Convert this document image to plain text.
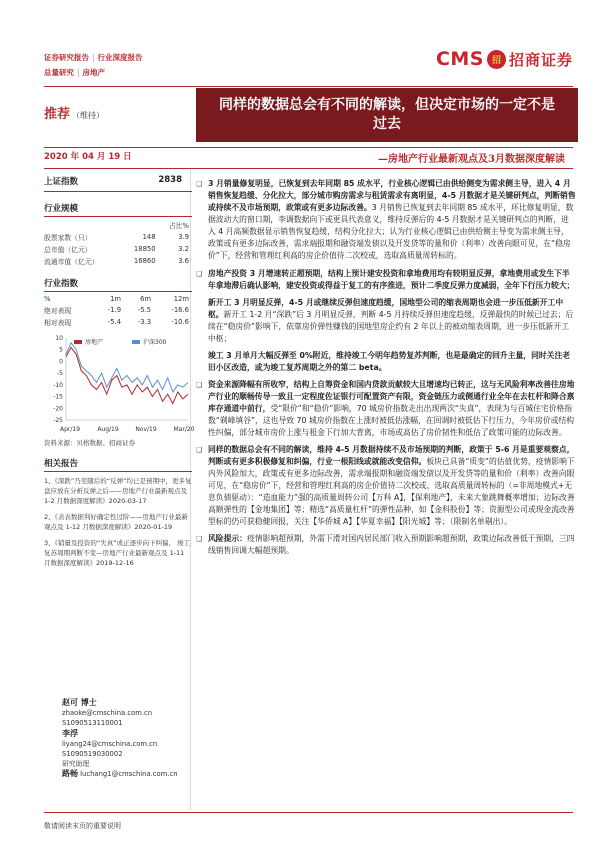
证券研究报告 | 行业深度报告
总量研究 | 房地产
CMS 招 招商证券
推荐 （维持）
同样的数据总会有不同的解读，但决定市场的一定不是过去
2020 年 04 月 19 日	—房地产行业最新观点及3月数据深度解读
上证指数	2838
行业规模
		占比%
股票家数（只）	148	3.9
总市值（亿元）	18850	3.2
流通市值（亿元）	16860	3.6
行业指数
%	1m	6m	12m
绝对表现	-1.9	-5.5	-16.6
相对表现	-5.4	-3.3	-10.6
10
5
0
-5
-10
-15
-20
-25
Apr/19	Aug/19	Nov/19	Mar/20
房地产	沪深300
资料来源：贝格数据、招商证券
相关报告
1、《深跌”乃至随后的“反弹”均已是预期中，更多复盘应放在分析反弹之后——房地产行业最新观点及 1-2 月数据深度解读》2020-03-17
2、《表表数据利好确定性过阶——房地产行业最新观点及 1-12 月数据深度解读》2020-01-19
3、《销量及投资的“失真”或正逐步向下纠偏， 竣工复苏周期判断不变—房地产行业最新观点及 1-11 月数据深度解读》2019-12-16
赵可 博士
zhaoke@cmschina.com.cn
S1090513110001
李浮
liyang24@cmschina.com.cn
S1090519030002
研究助理
路畅 luchang1@cmschina.com.cn
❑ 3 月销量修复明显，已恢复到去年同期 85 成水平，行业核心逻辑已由供给侧变为需求侧主导，进入 4 月销售恢复趋缓、分化拉大，部分城市购房需求与租赁需求有离明显，4-5 月数据才是关键研判点，判断销售或持续不及市场预期，政策或有更多边际改善。3 月销售已恢复到去年同期 85 成水平，环比修复明显，数据波动大的窗口期，李调数据向下或更具代表意义，维持反弹后的 4-5 月数据才是关键研判点的判断，进入 4 月高频数据显示销售恢复趋缓，结构分化拉大；认为行业核心逻辑已由供给侧主导变为需求侧主导，政策或有更多边际改善，需求端报期和融资端发债以及开发贷等的量和价（利率）改善向眼可见，在“稳房价”下，经营和管理红利高的房企价值待二次校或，选取高质量周转标的。
❑ 房地产投资 3 月增速转正超预期，结构上预计建安投资和拿地费用均有较明显反弹，拿地费用或发生下半年拿地滞后确认影响，建安投资或得益于复工的有序推进，预计二季度反弹力度减弱，全年下行压力较大；
新开工 3 月明显反弹，4-5 月或继续反弹但速度趋缓，国地型公司的缩表周期也会进一步压低新开工中枢。新开工 1-2 月“深跌”后 3 月明显反弹，判断 4-5 月持续反弹但速度趋缓，反弹最快的时候已过去；后续在“稳房价”影响下，依靠房价弹性赚钱的国地型房企约有 2 年以上的被动缩表周期，进一步压低新开工中枢；
竣工 3 月单月大幅反弹至 0%附近，维持竣工今明年趋势复苏判断，也是最确定的回升主量，同时关注老旧小区改造，或为竣工复苏周期之外的第二 beta。
❑ 资金来源降幅有所收窄，结构上自筹资金和国内贷款贡献较大且增速均已转正，这与无风险利率改善往房地产行业的顺畅传导一致且一定程度佐证银行可配置资产有限，资金链压力或侧通行业全年在去杠杆和降合禀库存通道中前行，受“限价”和“稳价”影响，70 城房价指数走出出现两次“失真”，表现为与百城住宅价格指数“剃峰填谷”，这也导致 70 城房价指数在上涨时被低估涨幅，在回调时被低估下行压力，今年房价或结构性纠偏，部分城市房价上涨与租金下行加大背离，市场或高估了房价韧性和低估了政策可能的边际改善。
❑ 同样的数据总会有不同的解读，维持 4-5 月数据持续不及市场预期的判断，政策于 5-6 月是重要观察点，判断或有更多积极修复和纠偏，行业一根阳线或就能改变信仰。板块已具备“质变”的估值优势，疫情影响下内外风险加大，政策或有更多边际改善，需求端报期和融资端发债以及开发贷等的量和价（利率）改善向眼可见，在“稳房价”下，经营和管理红利高的房企价值待二次校或，选取高质量周转标的（=非周地模式+无息负债驱动）：“造血能力”强的高质量周转公司【万科 A】，【保利地产】，未来大象跳舞概率增加；边际改善高额弹性的【金地集团】等；精选“高质量杠杆”的弹性品种，如【金科股份】等；资源型公司或现金流改善型标的仍可获稳健回报，关注【华侨城 A】【华夏幸福】【阳光城】等；（限制名单剔出）。
❑ 风险提示：疫情影响超预期，外需下滑对国内居民部门收入预期影响超预期，政策边际改善低于预期，三四线销售回调大幅超预期。
敬请阅读末页的重要说明
